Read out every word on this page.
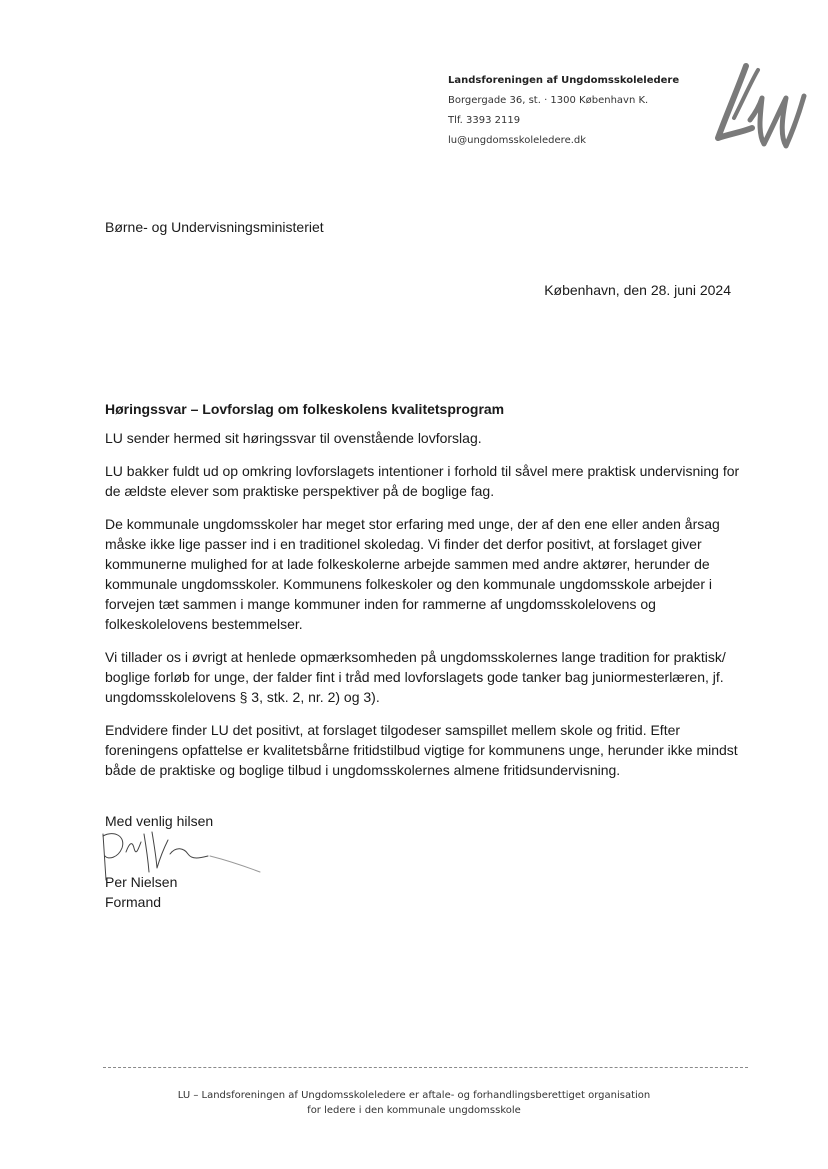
Landsforeningen af Ungdomsskoleledere
Borgergade 36, st. · 1300 København K.
Tlf. 3393 2119
lu@ungdomsskoleledere.dk
Børne- og Undervisningsministeriet
København, den 28. juni 2024
Høringssvar – Lovforslag om folkeskolens kvalitetsprogram

LU sender hermed sit høringssvar til ovenstående lovforslag.

LU bakker fuldt ud op omkring lovforslagets intentioner i forhold til såvel mere praktisk undervisning for de ældste elever som praktiske perspektiver på de boglige fag.

De kommunale ungdomsskoler har meget stor erfaring med unge, der af den ene eller anden årsag måske ikke lige passer ind i en traditionel skoledag. Vi finder det derfor positivt, at forslaget giver kommunerne mulighed for at lade folkeskolerne arbejde sammen med andre aktører, herunder de kommunale ungdomsskoler. Kommunens folkeskoler og den kommunale ungdomsskole arbejder i forvejen tæt sammen i mange kommuner inden for rammerne af ungdomsskolelovens og folkeskolelovens bestemmelser.

Vi tillader os i øvrigt at henlede opmærksomheden på ungdomsskolernes lange tradition for praktisk/ boglige forløb for unge, der falder fint i tråd med lovforslagets gode tanker bag juniormesterlæren, jf. ungdomsskolelovens § 3, stk. 2, nr. 2) og 3).

Endvidere finder LU det positivt, at forslaget tilgodeser samspillet mellem skole og fritid. Efter foreningens opfattelse er kvalitetsbårne fritidstilbud vigtige for kommunens unge, herunder ikke mindst både de praktiske og boglige tilbud i ungdomsskolernes almene fritidsundervisning.

Med venlig hilsen
Per Nielsen
Formand
LU – Landsforeningen af Ungdomsskoleledere er aftale- og forhandlingsberettiget organisation
for ledere i den kommunale ungdomsskole
